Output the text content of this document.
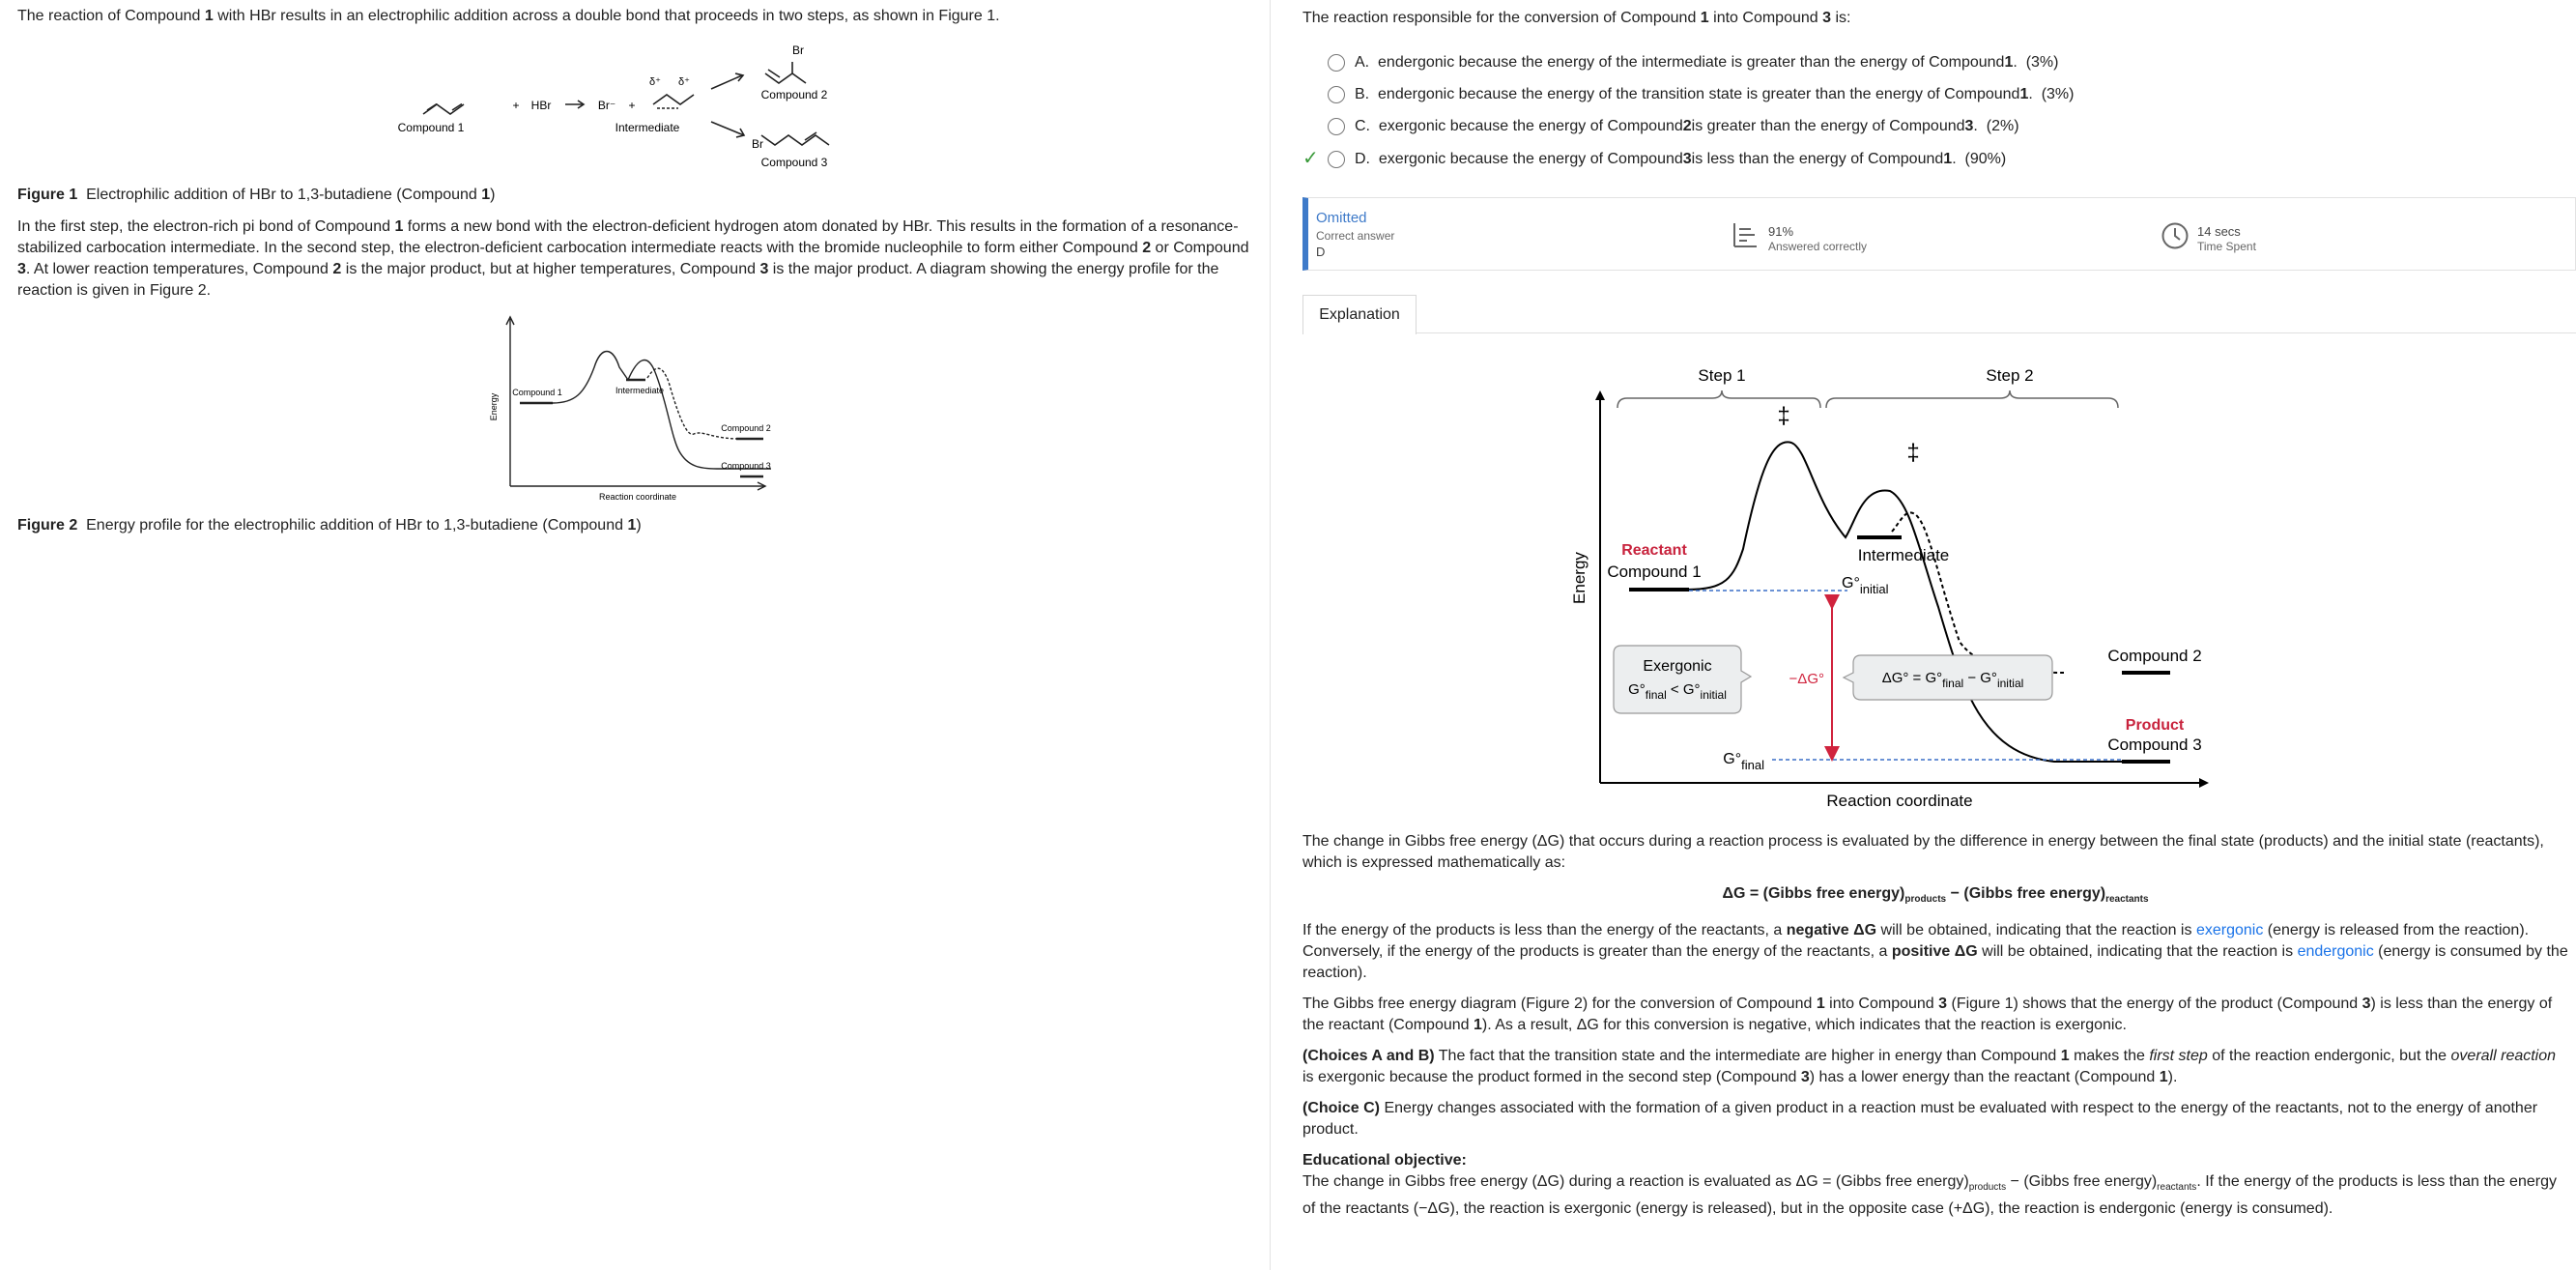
The reaction of Compound 1 with HBr results in an electrophilic addition across a double bond that proceeds in two steps, as shown in Figure 1.

Compound 1
+ HBr	Br⁻ +
δ⁺ δ⁺
Intermediate
Br
Compound 2
Br
Compound 3

Figure 1 Electrophilic addition of HBr to 1,3-butadiene (Compound 1)

In the first step, the electron-rich pi bond of Compound 1 forms a new bond with the electron-deficient hydrogen atom donated by HBr. This results in the formation of a resonance-stabilized carbocation intermediate. In the second step, the electron-deficient carbocation intermediate reacts with the bromide nucleophile to form either Compound 2 or Compound 3. At lower reaction temperatures, Compound 2 is the major product, but at higher temperatures, Compound 3 is the major product. A diagram showing the energy profile for the reaction is given in Figure 2.

Energy
Reaction coordinate
Compound 1	Intermediate
Compound 2
Compound 3

Figure 2 Energy profile for the electrophilic addition of HBr to 1,3-butadiene (Compound 1)

The reaction responsible for the conversion of Compound 1 into Compound 3 is:

A.
endergonic because the energy of the intermediate is greater than the energy of Compound 1 .
(3%)
B.
endergonic because the energy of the transition state is greater than the energy of Compound 1 .
(3%)
C.
exergonic because the energy of Compound 2 is greater than the energy of Compound 3 .
(2%)
✓ D.
exergonic because the energy of Compound 3 is less than the energy of Compound 1 .
(90%)
Omitted
Correct answer
D
91%
Answered correctly
14 secs
Time Spent
Explanation
Step 1	Step 2
‡
‡
−ΔG°
Reactant
Compound 1
Intermediate
$G^\circ_{initial}$
$G^\circ_{final}$
Compound 2
Product
Compound 3
Exergonic
$G^\circ_{final} < G^\circ_{initial}$
$\Delta G^\circ = G^\circ_{final} - G^\circ_{initial}$
Energy
Reaction coordinate

The change in Gibbs free energy (ΔG) that occurs during a reaction process is evaluated by the difference in energy between the final state (products) and the initial state (reactants), which is expressed mathematically as:

ΔG = (Gibbs free $energy)_{products}$ − (Gibbs free $energy)_{reactants}$

If the energy of the products is less than the energy of the reactants, a negative ΔG will be obtained, indicating that the reaction is exergonic (energy is released from the reaction). Conversely, if the energy of the products is greater than the energy of the reactants, a positive ΔG will be obtained, indicating that the reaction is endergonic (energy is consumed by the reaction).

The Gibbs free energy diagram (Figure 2) for the conversion of Compound 1 into Compound 3 (Figure 1) shows that the energy of the product (Compound 3) is less than the energy of the reactant (Compound 1). As a result, ΔG for this conversion is negative, which indicates that the reaction is exergonic.

(Choices A and B) The fact that the transition state and the intermediate are higher in energy than Compound 1 makes the first step of the reaction endergonic, but the overall reaction is exergonic because the product formed in the second step (Compound 3) has a lower energy than the reactant (Compound 1).

(Choice C) Energy changes associated with the formation of a given product in a reaction must be evaluated with respect to the energy of the reactants, not to the energy of another product.

Educational objective:

The change in Gibbs free energy (ΔG) during a reaction is evaluated as ΔG = (Gibbs free $energy)_{products}$ − (Gibbs free $energy)_{reactants}$. If the energy of the products is less than the energy of the reactants (−ΔG), the reaction is exergonic (energy is released), but in the opposite case (+ΔG), the reaction is endergonic (energy is consumed).
